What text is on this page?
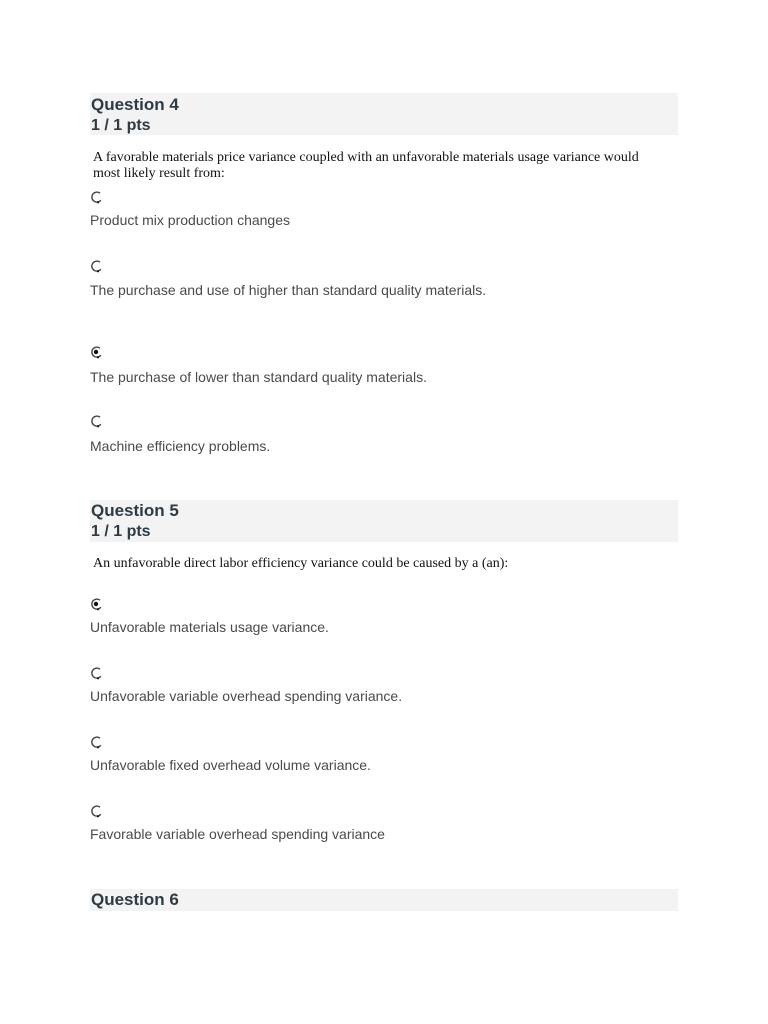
Question 4
1 / 1 pts
A favorable materials price variance coupled with an unfavorable materials usage variance would most likely result from:
Product mix production changes
The purchase and use of higher than standard quality materials.
The purchase of lower than standard quality materials.
Machine efficiency problems.
Question 5
1 / 1 pts
An unfavorable direct labor efficiency variance could be caused by a (an):
Unfavorable materials usage variance.
Unfavorable variable overhead spending variance.
Unfavorable fixed overhead volume variance.
Favorable variable overhead spending variance
Question 6
